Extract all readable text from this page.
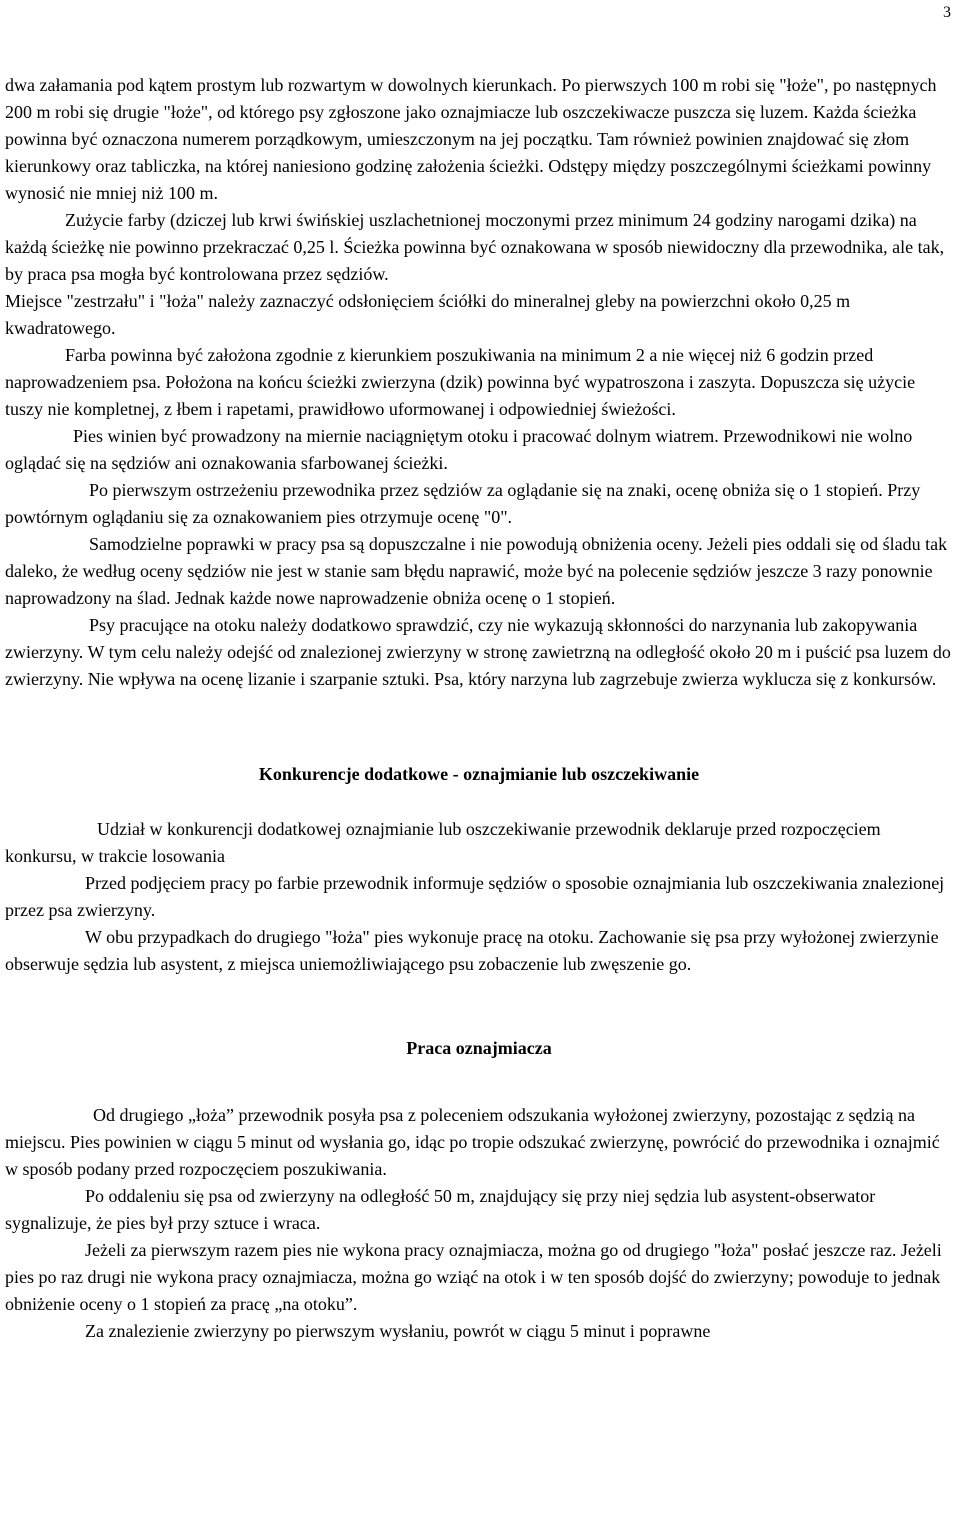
3

dwa załamania pod kątem prostym lub rozwartym w dowolnych kierunkach. Po pierwszych 100 m robi się "łoże", po następnych 200 m robi się drugie "łoże", od którego psy zgłoszone jako oznajmiacze lub oszczekiwacze puszcza się luzem. Każda ścieżka powinna być oznaczona numerem porządkowym, umieszczonym na jej początku. Tam również powinien znajdować się złom kierunkowy oraz tabliczka, na której naniesiono godzinę założenia ścieżki. Odstępy między poszczególnymi ścieżkami powinny wynosić nie mniej niż 100 m.

Zużycie farby (dziczej lub krwi świńskiej uszlachetnionej moczonymi przez minimum 24 godziny narogami dzika) na każdą ścieżkę nie powinno przekraczać 0,25 l. Ścieżka powinna być oznakowana w sposób niewidoczny dla przewodnika, ale tak, by praca psa mogła być kontrolowana przez sędziów.

Miejsce "zestrzału" i "łoża" należy zaznaczyć odsłonięciem ściółki do mineralnej gleby na powierzchni około 0,25 m kwadratowego.

Farba powinna być założona zgodnie z kierunkiem poszukiwania na minimum 2 a nie więcej niż 6 godzin przed naprowadzeniem psa. Położona na końcu ścieżki zwierzyna (dzik) powinna być wypatroszona i zaszyta. Dopuszcza się użycie tuszy nie kompletnej, z łbem i rapetami, prawidłowo uformowanej i odpowiedniej świeżości.

Pies winien być prowadzony na miernie naciągniętym otoku i pracować dolnym wiatrem. Przewodnikowi nie wolno oglądać się na sędziów ani oznakowania sfarbowanej ścieżki.

Po pierwszym ostrzeżeniu przewodnika przez sędziów za oglądanie się na znaki, ocenę obniża się o 1 stopień. Przy powtórnym oglądaniu się za oznakowaniem pies otrzymuje ocenę "0".

Samodzielne poprawki w pracy psa są dopuszczalne i nie powodują obniżenia oceny. Jeżeli pies oddali się od śladu tak daleko, że według oceny sędziów nie jest w stanie sam błędu naprawić, może być na polecenie sędziów jeszcze 3 razy ponownie naprowadzony na ślad. Jednak każde nowe naprowadzenie obniża ocenę o 1 stopień.

Psy pracujące na otoku należy dodatkowo sprawdzić, czy nie wykazują skłonności do narzynania lub zakopywania zwierzyny. W tym celu należy odejść od znalezionej zwierzyny w stronę zawietrzną na odległość około 20 m i puścić psa luzem do zwierzyny. Nie wpływa na ocenę lizanie i szarpanie sztuki. Psa, który narzyna lub zagrzebuje zwierza wyklucza się z konkursów.

Konkurencje dodatkowe - oznajmianie lub oszczekiwanie

Udział w konkurencji dodatkowej oznajmianie lub oszczekiwanie przewodnik deklaruje przed rozpoczęciem konkursu, w trakcie losowania

Przed podjęciem pracy po farbie przewodnik informuje sędziów o sposobie oznajmiania lub oszczekiwania znalezionej przez psa zwierzyny.

W obu przypadkach do drugiego "łoża" pies wykonuje pracę na otoku. Zachowanie się psa przy wyłożonej zwierzynie obserwuje sędzia lub asystent, z miejsca uniemożliwiającego psu zobaczenie lub zwęszenie go.

Praca oznajmiacza

Od drugiego „łoża” przewodnik posyła psa z poleceniem odszukania wyłożonej zwierzyny, pozostając z sędzią na miejscu. Pies powinien w ciągu 5 minut od wysłania go, idąc po tropie odszukać zwierzynę, powrócić do przewodnika i oznajmić w sposób podany przed rozpoczęciem poszukiwania.

Po oddaleniu się psa od zwierzyny na odległość 50 m, znajdujący się przy niej sędzia lub asystent-obserwator sygnalizuje, że pies był przy sztuce i wraca.

Jeżeli za pierwszym razem pies nie wykona pracy oznajmiacza, można go od drugiego "łoża" posłać jeszcze raz. Jeżeli pies po raz drugi nie wykona pracy oznajmiacza, można go wziąć na otok i w ten sposób dojść do zwierzyny; powoduje to jednak obniżenie oceny o 1 stopień za pracę „na otoku”.

Za znalezienie zwierzyny po pierwszym wysłaniu, powrót w ciągu 5 minut i poprawne
